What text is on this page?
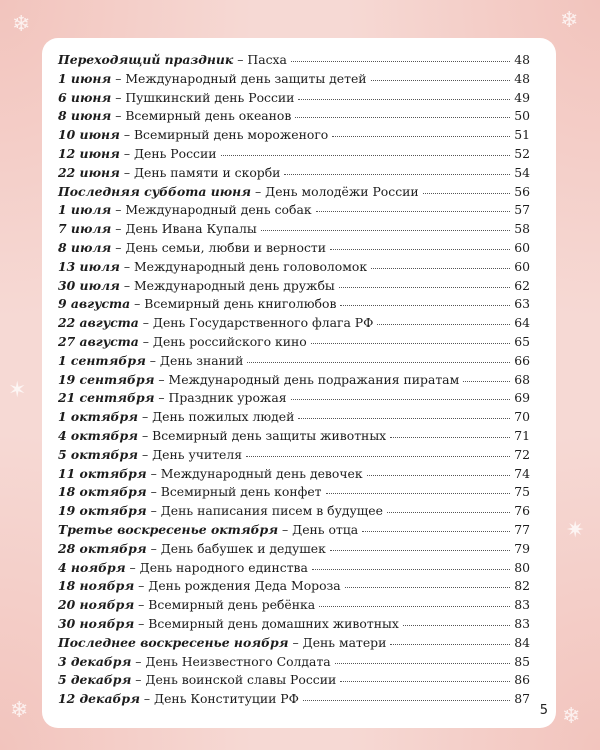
❄	❄
✶
❄
✷
❄
Переходящий праздник – Пасха	48
1 июня – Международный день защиты детей	48
6 июня – Пушкинский день России	49
8 июня – Всемирный день океанов	50
10 июня – Всемирный день мороженого	51
12 июня – День России	52
22 июня – День памяти и скорби	54
Последняя суббота июня – День молодёжи России	56
1 июля – Международный день собак	57
7 июля – День Ивана Купалы	58
8 июля – День семьи, любви и верности	60
13 июля – Международный день головоломок	60
30 июля – Международный день дружбы	62
9 августа – Всемирный день книголюбов	63
22 августа – День Государственного флага РФ	64
27 августа – День российского кино	65
1 сентября – День знаний	66
19 сентября – Международный день подражания пиратам	68
21 сентября – Праздник урожая	69
1 октября – День пожилых людей	70
4 октября – Всемирный день защиты животных	71
5 октября – День учителя	72
11 октября – Международный день девочек	74
18 октября – Всемирный день конфет	75
19 октября – День написания писем в будущее	76
Третье воскресенье октября – День отца	77
28 октября – День бабушек и дедушек	79
4 ноября – День народного единства	80
18 ноября – День рождения Деда Мороза	82
20 ноября – Всемирный день ребёнка	83
30 ноября – Всемирный день домашних животных	83
Последнее воскресенье ноября – День матери	84
3 декабря – День Неизвестного Солдата	85
5 декабря – День воинской славы России	86
12 декабря – День Конституции РФ	87
5
